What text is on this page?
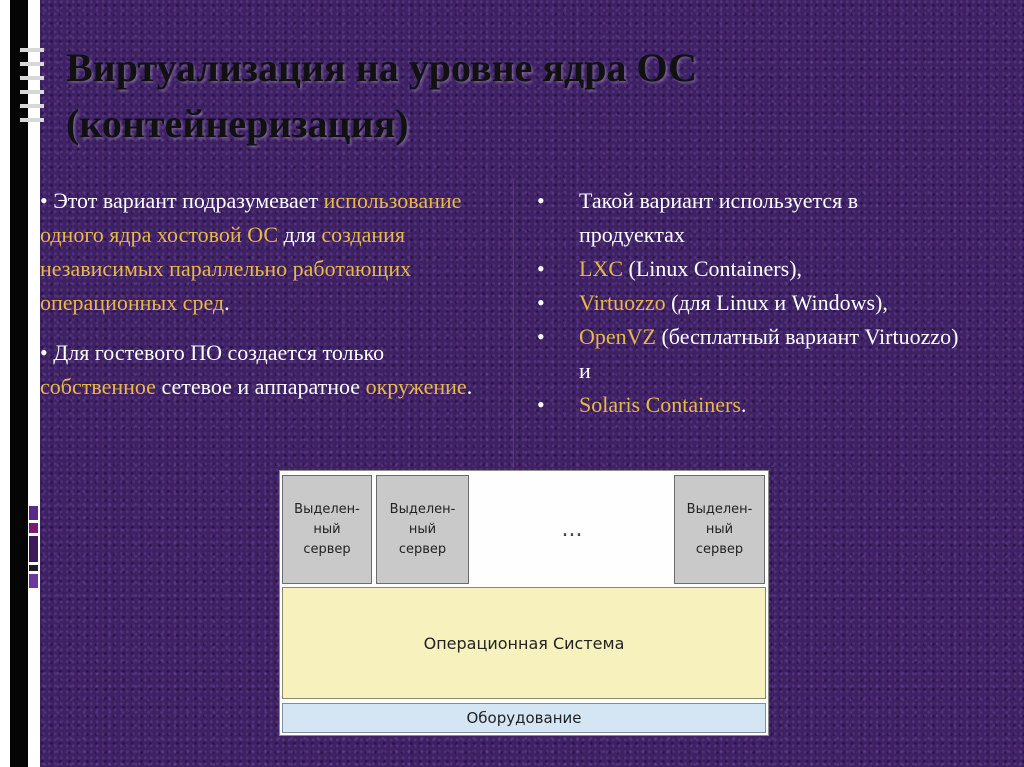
Виртуализация на уровне ядра ОС
(контейнеризация)

• Этот вариант подразумевает использование одного ядра хостовой ОС для создания независимых параллельно работающих операционных сред.

• Для гостевого ПО создается только собственное сетевое и аппаратное окружение.

• Такой вариант используется в продуектах
• LXC (Linux Containers),
• Virtuozzo (для Linux и Windows),
• OpenVZ (бесплатный вариант Virtuozzo) и
• Solaris Containers.
Выделен-
ный
сервер
Выделен-
ный
сервер
...
Выделен-
ный
сервер
Операционная Система
Оборудование
